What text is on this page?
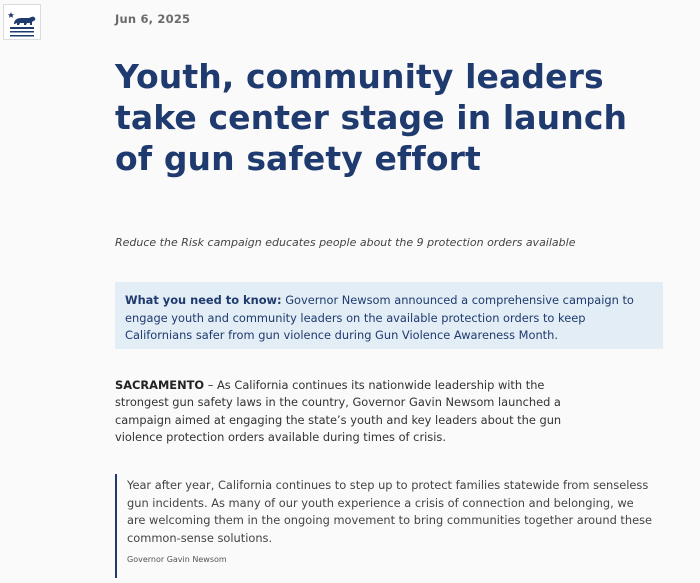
Jun 6, 2025
Youth, community leaders take center stage in launch of gun safety effort
Reduce the Risk campaign educates people about the 9 protection orders available
What you need to know: Governor Newsom announced a comprehensive campaign to engage youth and community leaders on the available protection orders to keep Californians safer from gun violence during Gun Violence Awareness Month.

SACRAMENTO – As California continues its nationwide leadership with the strongest gun safety laws in the country, Governor Gavin Newsom launched a campaign aimed at engaging the state’s youth and key leaders about the gun violence protection orders available during times of crisis.

Year after year, California continues to step up to protect families statewide from senseless gun incidents. As many of our youth experience a crisis of connection and belonging, we are welcoming them in the ongoing movement to bring communities together around these common-sense solutions.

Governor Gavin Newsom
